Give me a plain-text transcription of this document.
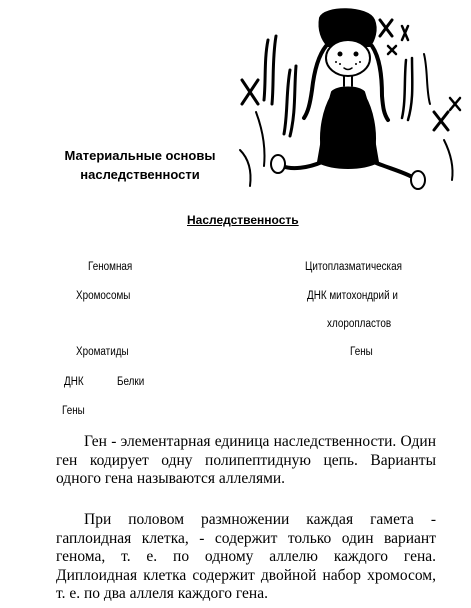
Материальные основы
наследственности
Наследственность
Геномная	Цитоплазматическая
Хромосомы	ДНК митохондрий и
хлоропластов
Хроматиды	Гены
ДНК	Белки
Гены

Ген - элементарная единица наследственности. Один ген кодирует одну полипептидную цепь. Варианты одного гена называются аллелями.

При половом размножении каждая гамета - гаплоидная клетка, - содержит только один вариант генома, т. е. по одному аллелю каждого гена. Диплоидная клетка содержит двойной набор хромосом, т. е. по два аллеля каждого гена.
